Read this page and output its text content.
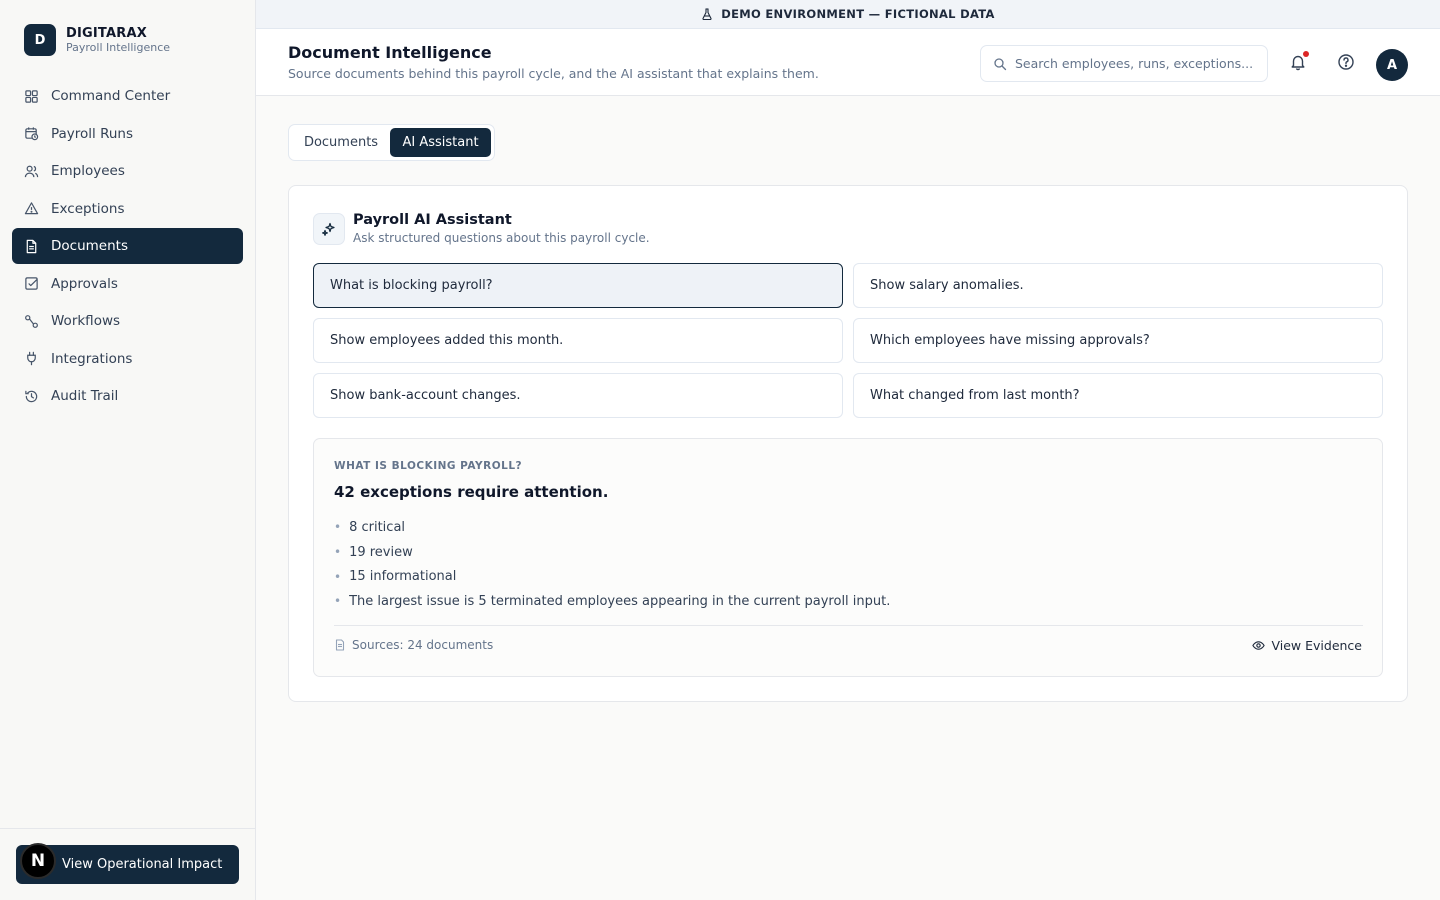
D	DIGITARAX
Payroll Intelligence
Command Center
Payroll Runs
Employees
Exceptions
Documents
Approvals
Workflows
Integrations
Audit Trail
N	View Operational Impact
DEMO ENVIRONMENT — FICTIONAL DATA
Document Intelligence
Source documents behind this payroll cycle, and the AI assistant that explains them.
Search employees, runs, exceptions...
A
Documents	AI Assistant
Payroll AI Assistant
Ask structured questions about this payroll cycle.
What is blocking payroll?	Show salary anomalies.
Show employees added this month.	Which employees have missing approvals?
Show bank-account changes.	What changed from last month?
WHAT IS BLOCKING PAYROLL?
42 exceptions require attention.
• 8 critical
• 19 review
• 15 informational
• The largest issue is 5 terminated employees appearing in the current payroll input.
Sources: 24 documents	View Evidence
